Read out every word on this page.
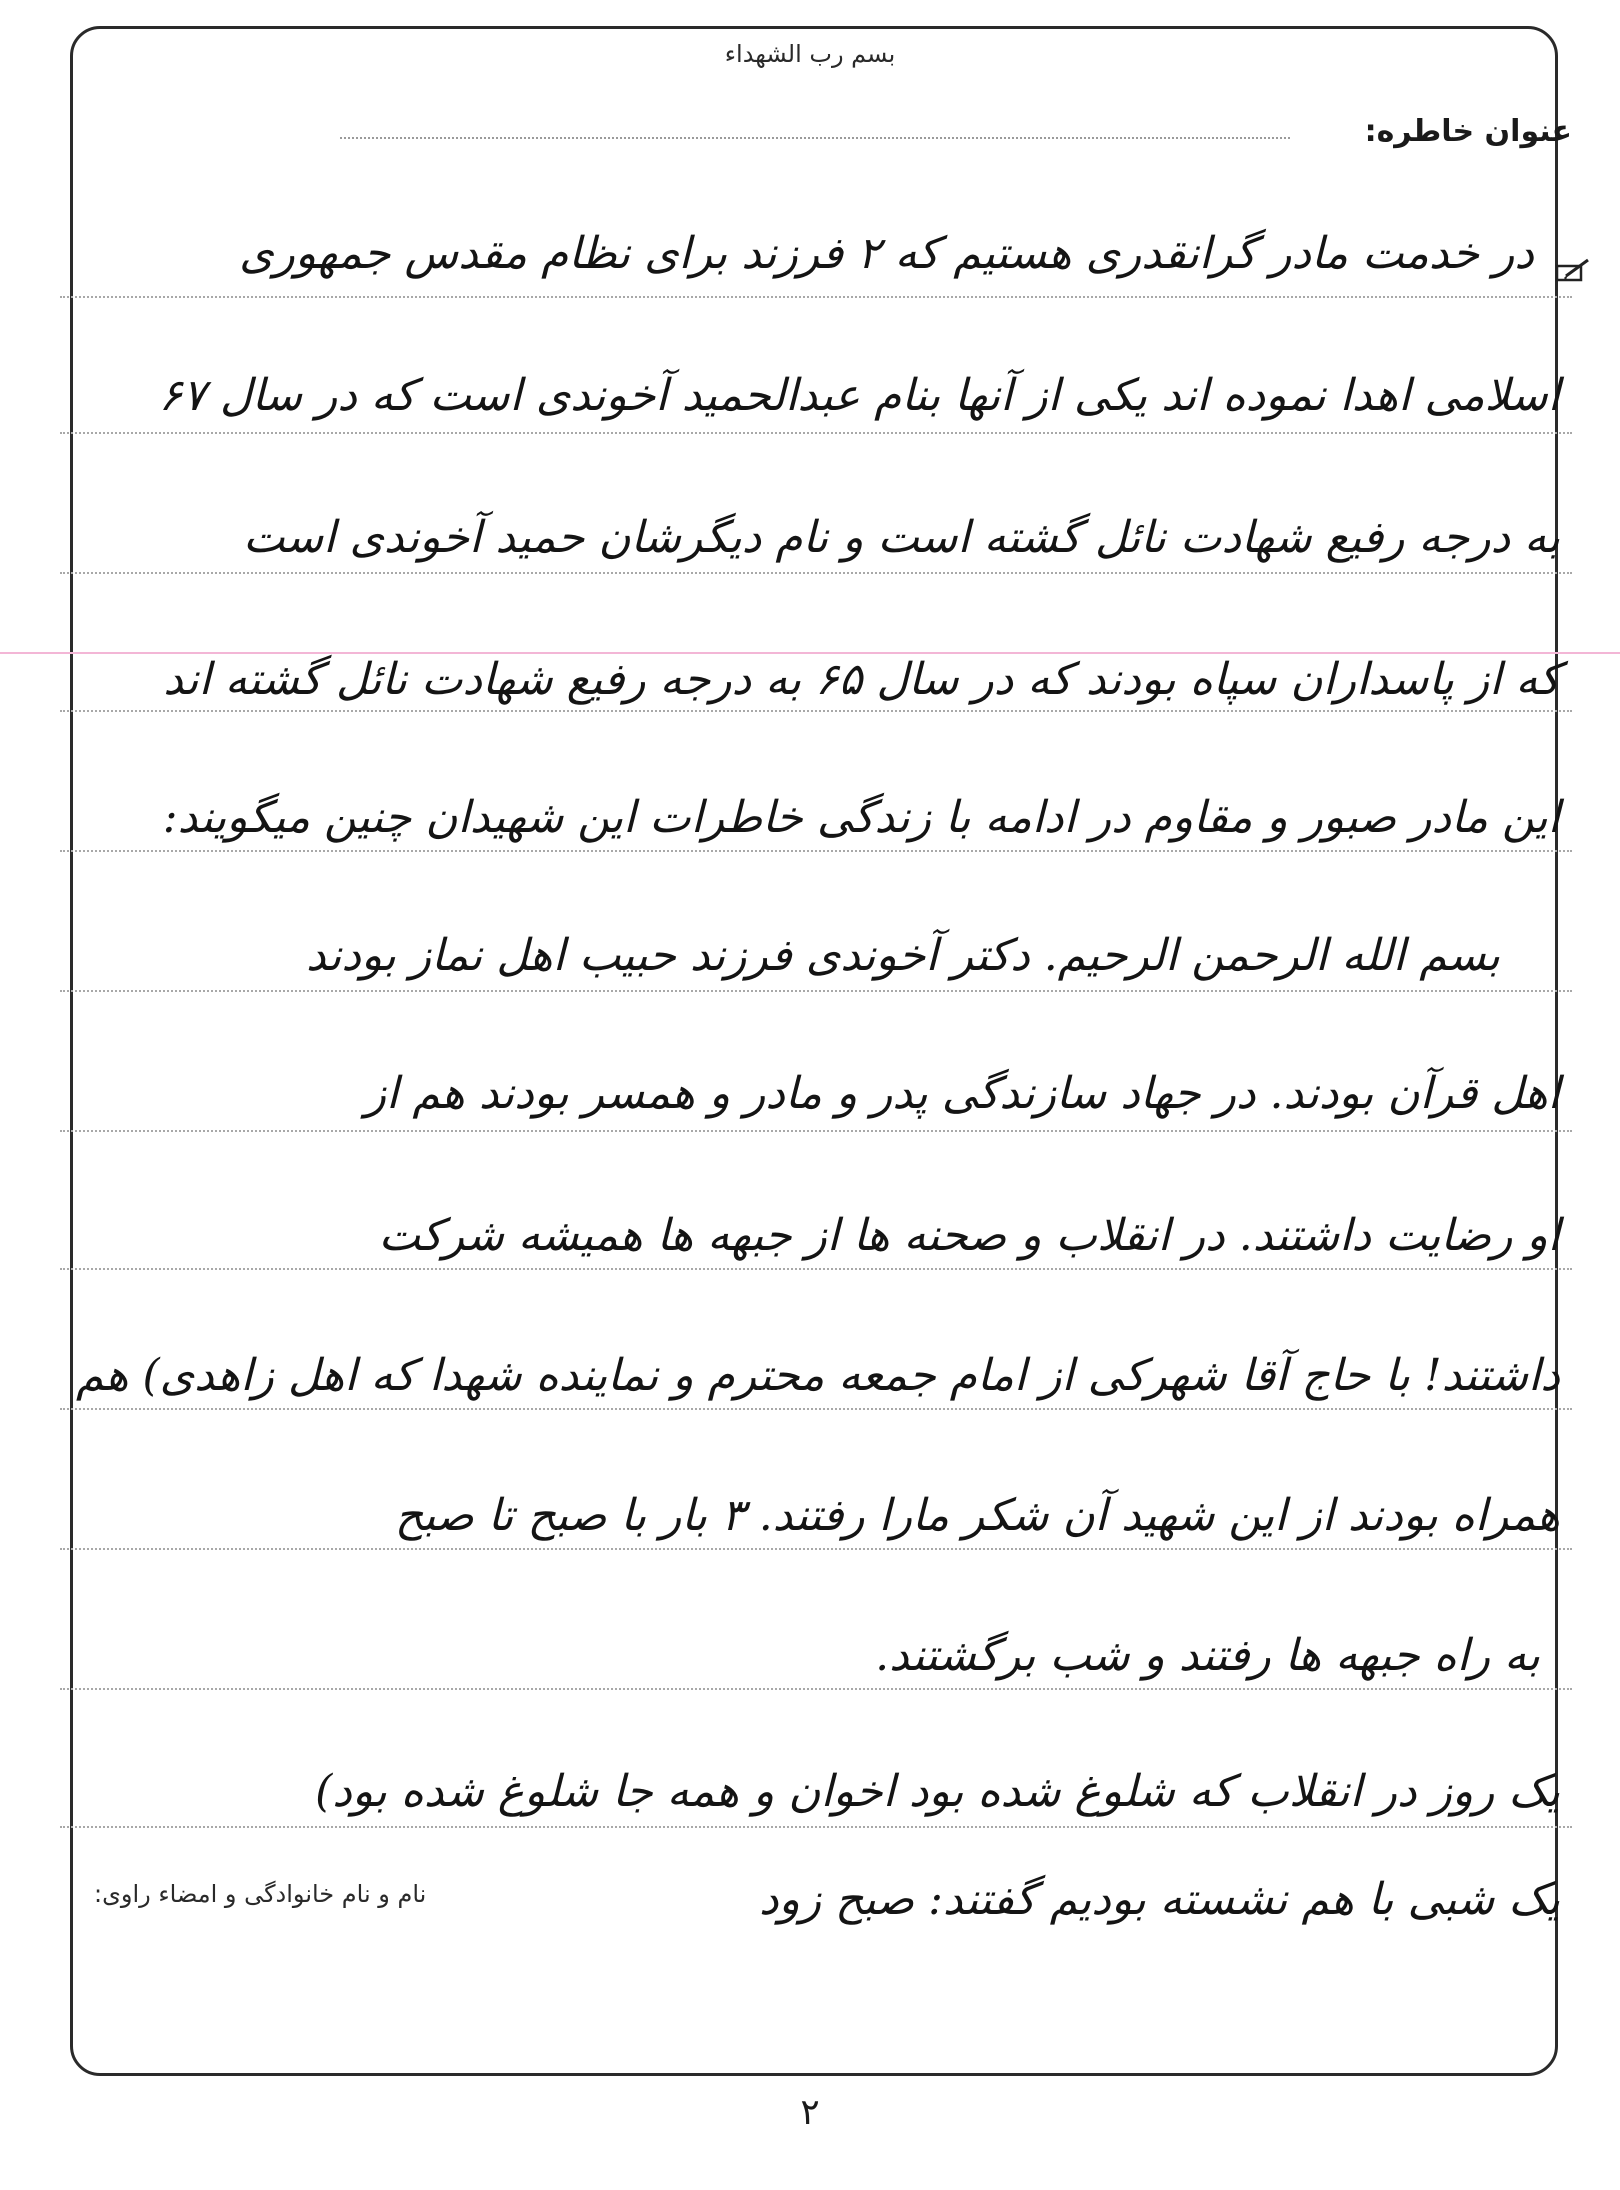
بسم رب الشهداء
عنوان خاطره:
در خدمت مادر گرانقدری هستیم که ۲ فرزند برای نظام مقدس جمهوری
اسلامی اهدا نموده اند یکی از آنها بنام عبدالحمید آخوندی است که در سال ۶۷
به درجه رفیع شهادت نائل گشته است و نام دیگرشان حمید آخوندی است
که از پاسداران سپاه بودند که در سال ۶۵ به درجه رفیع شهادت نائل گشته اند
این مادر صبور و مقاوم در ادامه با زندگی خاطرات این شهیدان چنین میگویند:
بسم الله الرحمن الرحیم. دکتر آخوندی فرزند حبیب اهل نماز بودند
اهل قرآن بودند. در جهاد سازندگی پدر و مادر و همسر بودند هم از
او رضایت داشتند. در انقلاب و صحنه ها از جبهه ها همیشه شرکت
داشتند! با حاج آقا شهرکی از امام جمعه محترم و نماینده شهدا که اهل زاهدی) هم
همراه بودند از این شهید آن شکر مارا رفتند. ۳ بار با صبح تا صبح
به راه جبهه ها رفتند و شب برگشتند.
یک روز در انقلاب که شلوغ شده بود اخوان و همه جا شلوغ شده بود)
یک شبی با هم نشسته بودیم گفتند: صبح زود
نام و نام خانوادگی و امضاء راوی:
۲
